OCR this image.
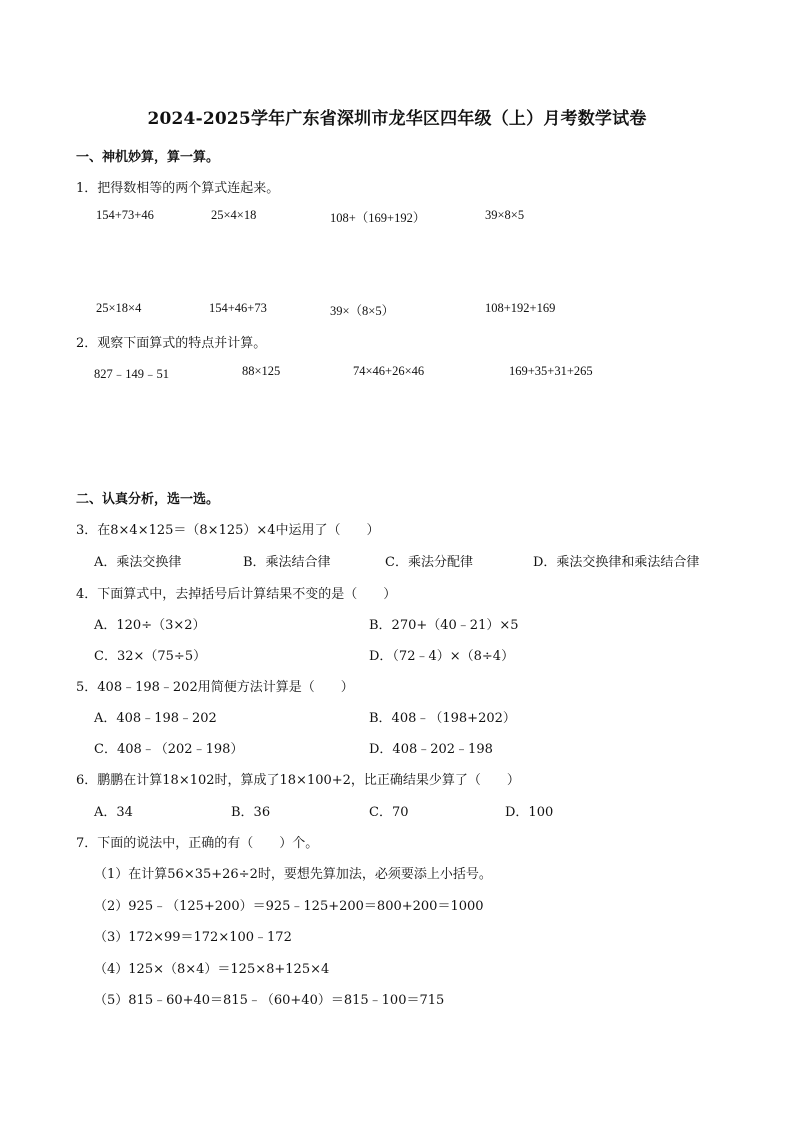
2024-2025学年广东省深圳市龙华区四年级（上）月考数学试卷
一、神机妙算，算一算。
1．把得数相等的两个算式连起来。
154+73+46	25×4×18	108+（169+192）	39×8×5
25×18×4	154+46+73	39×（8×5）	108+192+169
2．观察下面算式的特点并计算。
827﹣149﹣51	88×125	74×46+26×46	169+35+31+265
二、认真分析，选一选。
3．在8×4×125＝（8×125）×4中运用了（　　）
A．乘法交换律	B．乘法结合律	C．乘法分配律	D．乘法交换律和乘法结合律
4．下面算式中，去掉括号后计算结果不变的是（　　）
A．120÷（3×2）	B．270+（40﹣21）×5
C．32×（75÷5）	D．（72﹣4）×（8÷4）
5．408﹣198﹣202用简便方法计算是（　　）
A．408﹣198﹣202	B．408﹣（198+202）
C．408﹣（202﹣198）	D．408﹣202﹣198
6．鹏鹏在计算18×102时，算成了18×100+2，比正确结果少算了（　　）
A．34	B．36	C．70	D．100
7．下面的说法中，正确的有（　　）个。
（1）在计算56×35+26÷2时，要想先算加法，必须要添上小括号。
（2）925﹣（125+200）＝925﹣125+200＝800+200＝1000
（3）172×99＝172×100﹣172
（4）125×（8×4）＝125×8+125×4
（5）815﹣60+40＝815﹣（60+40）＝815﹣100＝715
